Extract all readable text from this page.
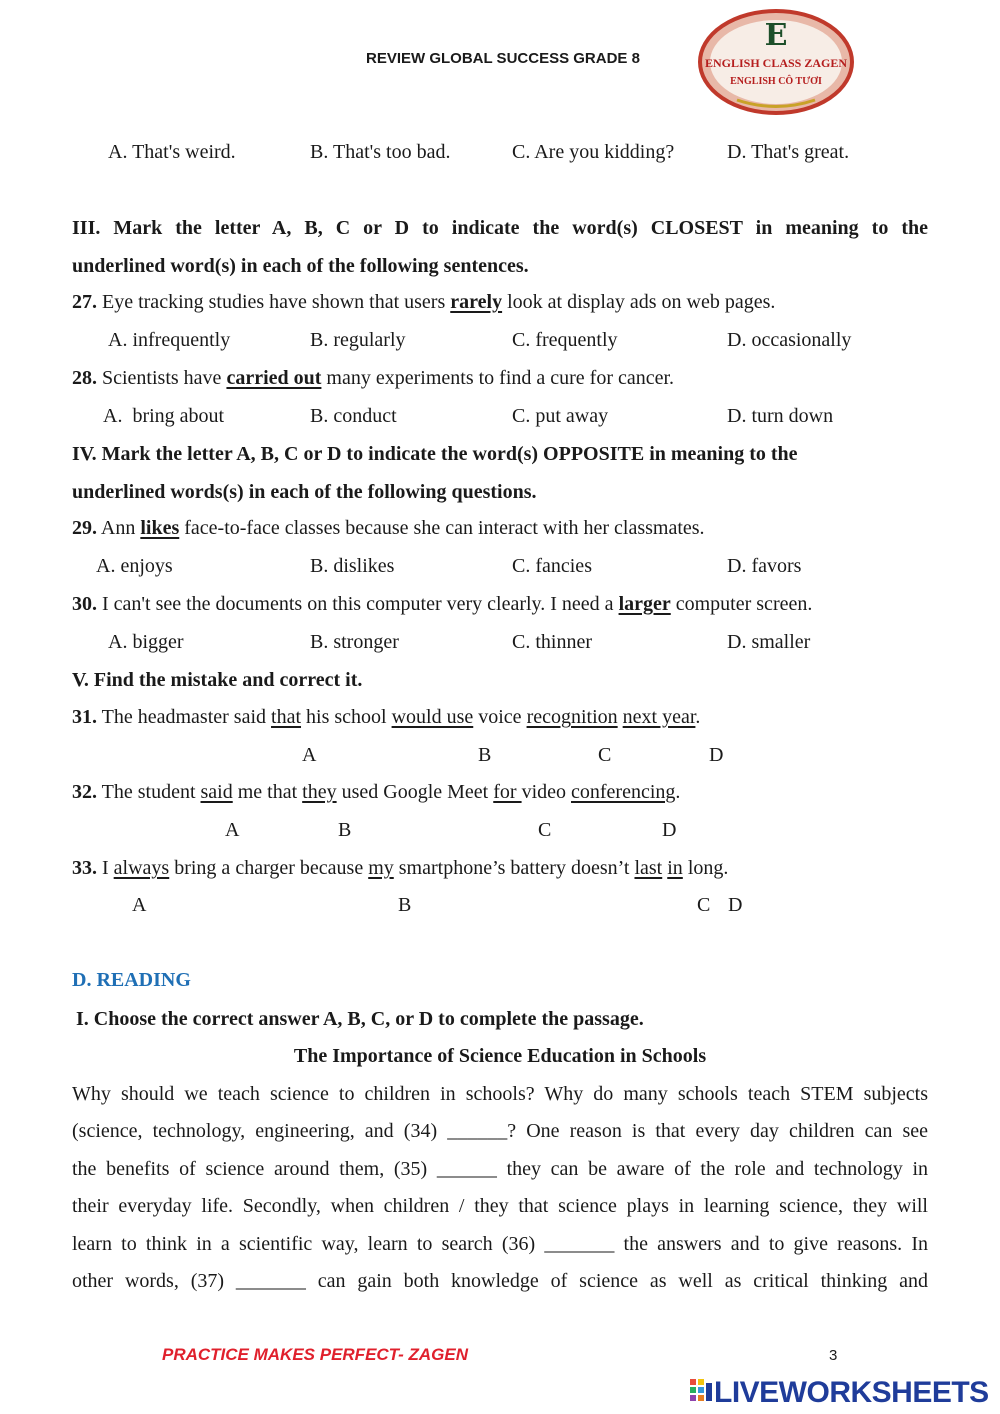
REVIEW GLOBAL SUCCESS GRADE 8
E
ENGLISH CLASS ZAGEN
ENGLISH CÔ TƯƠI
A. That's weird.	B. That's too bad.	C. Are you kidding?	D. That's great.
III. Mark the letter A, B, C or D to indicate the word(s) CLOSEST in meaning to the
underlined word(s) in each of the following sentences.
27. Eye tracking studies have shown that users rarely look at display ads on web pages.
A. infrequently	B. regularly	C. frequently	D. occasionally
28. Scientists have carried out many experiments to find a cure for cancer.
A.  bring about	B. conduct	C. put away	D. turn down
IV. Mark the letter A, B, C or D to indicate the word(s) OPPOSITE in meaning to the
underlined words(s) in each of the following questions.
29. Ann likes face-to-face classes because she can interact with her classmates.
A. enjoys	B. dislikes	C. fancies	D. favors
30. I can't see the documents on this computer very clearly. I need a larger computer screen.
A. bigger	B. stronger	C. thinner	D. smaller
V. Find the mistake and correct it.
31. The headmaster said that his school would use voice recognition next year.
A	B	C	D
32. The student said me that they used Google Meet for video conferencing.
A	B	C	D
33. I always bring a charger because my smartphone’s battery doesn’t last in long.
A	B	C D
D. READING
I. Choose the correct answer A, B, C, or D to complete the passage.
The Importance of Science Education in Schools
Why should we teach science to children in schools? Why do many schools teach STEM subjects
(science, technology, engineering, and (34) ______? One reason is that every day children can see
the benefits of science around them, (35) ______ they can be aware of the role and technology in
their everyday life. Secondly, when children / they that science plays in learning science, they will
learn to think in a scientific way, learn to search (36) _______ the answers and to give reasons. In
other words, (37) _______ can gain both knowledge of science as well as critical thinking and
PRACTICE MAKES PERFECT- ZAGEN	3
LIVEWORKSHEETS
